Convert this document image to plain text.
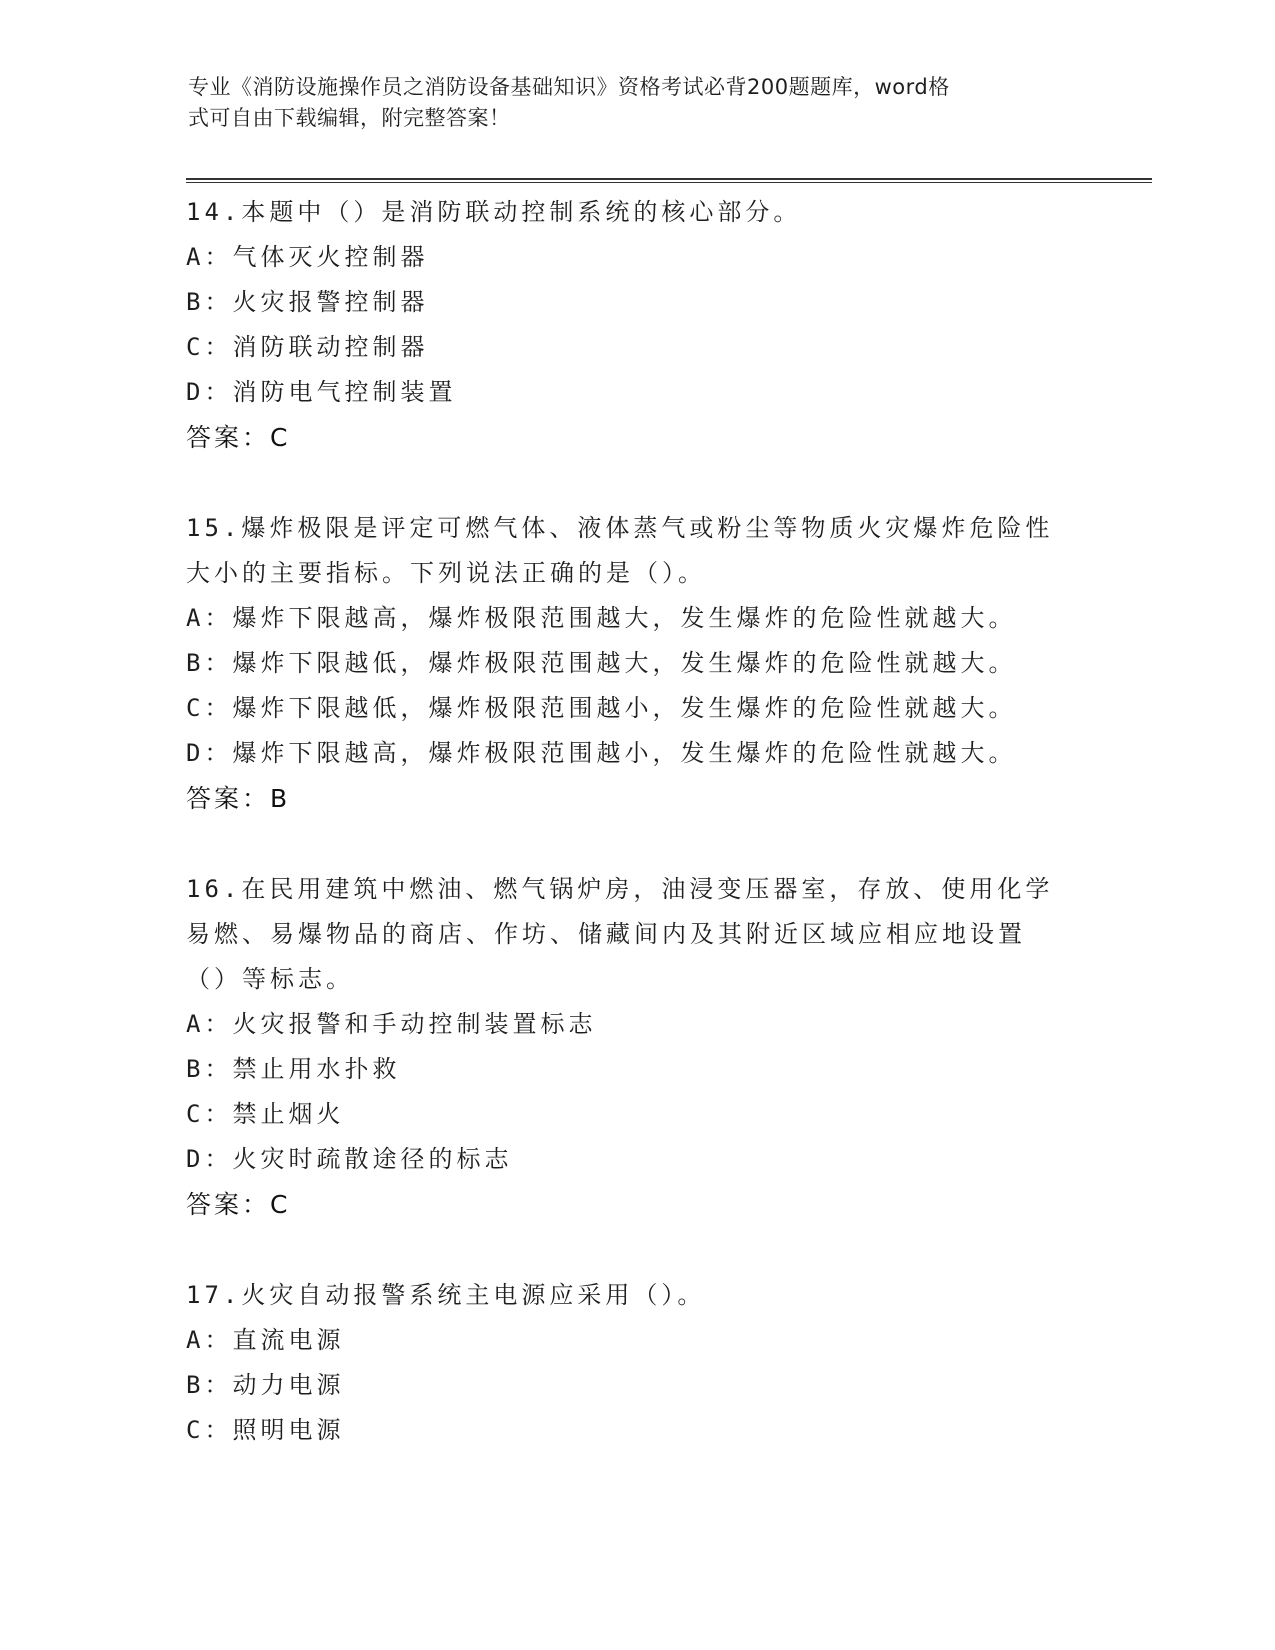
专业《消防设施操作员之消防设备基础知识》资格考试必背200题题库，word格
式可自由下载编辑，附完整答案！
14.本题中（）是消防联动控制系统的核心部分。
A：气体灭火控制器
B：火灾报警控制器
C：消防联动控制器
D：消防电气控制装置
答案：C
15.爆炸极限是评定可燃气体、液体蒸气或粉尘等物质火灾爆炸危险性
大小的主要指标。下列说法正确的是（）。
A：爆炸下限越高，爆炸极限范围越大，发生爆炸的危险性就越大。
B：爆炸下限越低，爆炸极限范围越大，发生爆炸的危险性就越大。
C：爆炸下限越低，爆炸极限范围越小，发生爆炸的危险性就越大。
D：爆炸下限越高，爆炸极限范围越小，发生爆炸的危险性就越大。
答案：B
16.在民用建筑中燃油、燃气锅炉房，油浸变压器室，存放、使用化学
易燃、易爆物品的商店、作坊、储藏间内及其附近区域应相应地设置
（）等标志。
A：火灾报警和手动控制装置标志
B：禁止用水扑救
C：禁止烟火
D：火灾时疏散途径的标志
答案：C
17.火灾自动报警系统主电源应采用（）。
A：直流电源
B：动力电源
C：照明电源
